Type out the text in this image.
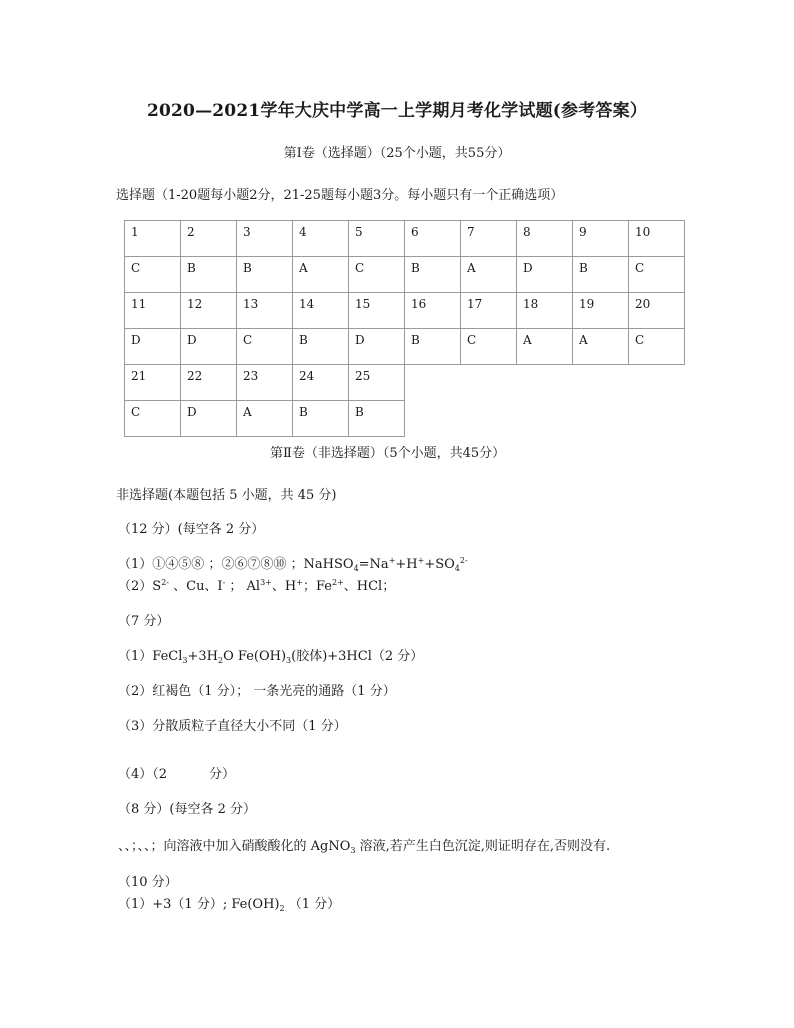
2020—2021学年大庆中学高一上学期月考化学试题(参考答案）
第Ⅰ卷（选择题）（25个小题，共55分）
选择题（1-20题每小题2分，21-25题每小题3分。每小题只有一个正确选项）
1	2	3	4	5	6	7	8	9	10
C	B	B	A	C	B	A	D	B	C
11	12	13	14	15	16	17	18	19	20
D	D	C	B	D	B	C	A	A	C
21	22	23	24	25					
C	D	A	B	B					
第Ⅱ卷（非选择题）（5个小题，共45分）
非选择题(本题包括 5 小题，共 45 分)
（12 分）(每空各 2 分）
（1）①④⑤⑧ ；②⑥⑦⑧⑩ ；$NaHSO_4=Na^++H^++SO_4^{2-}$
$(2)S^{2-}$ 、Cu、I- ； $Al^{3+}$、H+；$Fe^{2+}$、HCl；
（7 分）
$(1)FeCl_3+3H_2O$ $Fe(OH)_3$(胶体)+3HCl（2 分）
（2）红褐色（1 分）； 一条光亮的通路（1 分）
（3）分散质粒子直径大小不同（1 分）
（4）（2	分）
（8 分）(每空各 2 分）
、、；、、；向溶液中加入硝酸酸化的 AgNO$_3$ 溶液,若产生白色沉淀,则证明存在,否则没有.
（10 分）
（1）+3（1 分）; $Fe(OH)_2$ （1 分）
